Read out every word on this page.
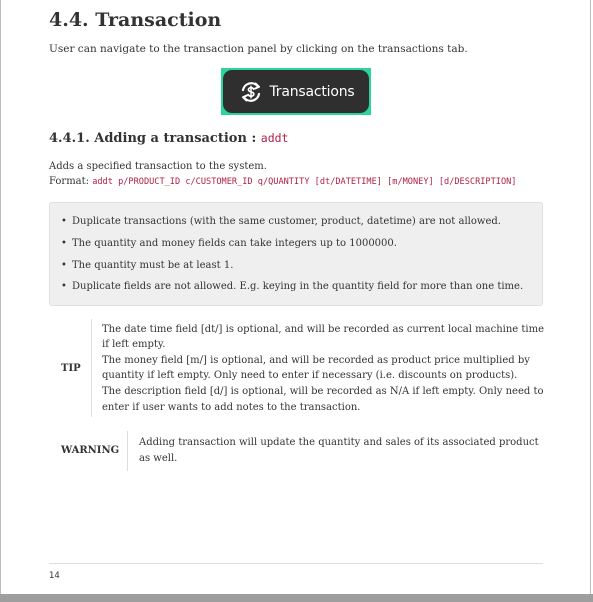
4.4. Transaction

User can navigate to the transaction panel by clicking on the transactions tab.

Transactions
4.4.1. Adding a transaction : addt

Adds a specified transaction to the system.

Format: addt p/PRODUCT_ID c/CUSTOMER_ID q/QUANTITY [dt/DATETIME] [m/MONEY] [d/DESCRIPTION]

• Duplicate transactions (with the same customer, product, datetime) are not allowed.
• The quantity and money fields can take integers up to 1000000.
• The quantity must be at least 1.
• Duplicate fields are not allowed. E.g. keying in the quantity field for more than one time.
TIP

The date time field [dt/] is optional, and will be recorded as current local machine time

if left empty.

The money field [m/] is optional, and will be recorded as product price multiplied by

quantity if left empty. Only need to enter if necessary (i.e. discounts on products).

The description field [d/] is optional, will be recorded as N/A if left empty. Only need to

enter if user wants to add notes to the transaction.

WARNING

Adding transaction will update the quantity and sales of its associated product

as well.

14
